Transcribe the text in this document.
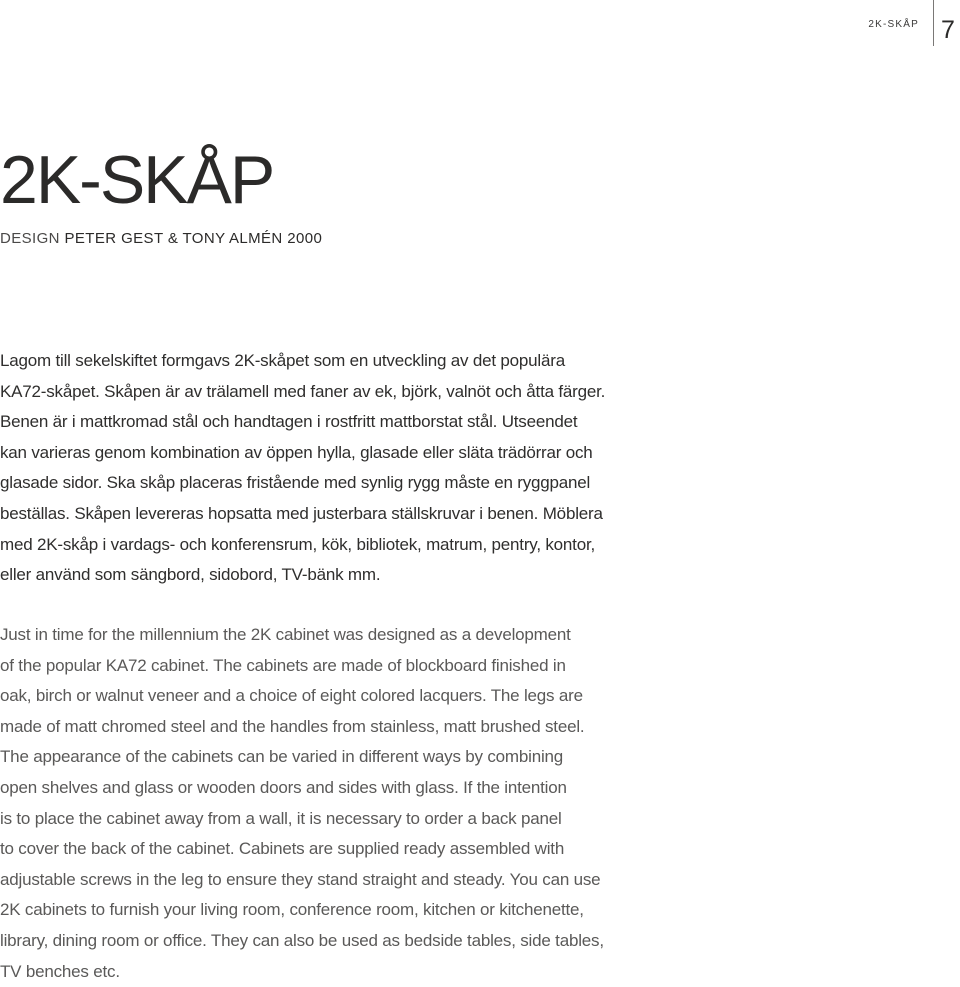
2K-SKÅP 7
2K-SKÅP
DESIGN PETER GEST & TONY ALMÉN 2000

Lagom till sekelskiftet formgavs 2K-skåpet som en utveckling av det populära
KA72-skåpet. Skåpen är av trälamell med faner av ek, björk, valnöt och åtta färger.
Benen är i mattkromad stål och handtagen i rostfritt mattborstat stål. Utseendet
kan varieras genom kombination av öppen hylla, glasade eller släta trädörrar och
glasade sidor. Ska skåp placeras fristående med synlig rygg måste en ryggpanel
beställas. Skåpen levereras hopsatta med justerbara ställskruvar i benen. Möblera
med 2K-skåp i vardags- och konferensrum, kök, bibliotek, matrum, pentry, kontor,
eller använd som sängbord, sidobord, TV-bänk mm.

Just in time for the millennium the 2K cabinet was designed as a development
of the popular KA72 cabinet. The cabinets are made of blockboard finished in
oak, birch or walnut veneer and a choice of eight colored lacquers. The legs are
made of matt chromed steel and the handles from stainless, matt brushed steel.
The appearance of the cabinets can be varied in different ways by combining
open shelves and glass or wooden doors and sides with glass. If the intention
is to place the cabinet away from a wall, it is necessary to order a back panel
to cover the back of the cabinet. Cabinets are supplied ready assembled with
adjustable screws in the leg to ensure they stand straight and steady. You can use
2K cabinets to furnish your living room, conference room, kitchen or kitchenette,
library, dining room or office. They can also be used as bedside tables, side tables,
TV benches etc.
